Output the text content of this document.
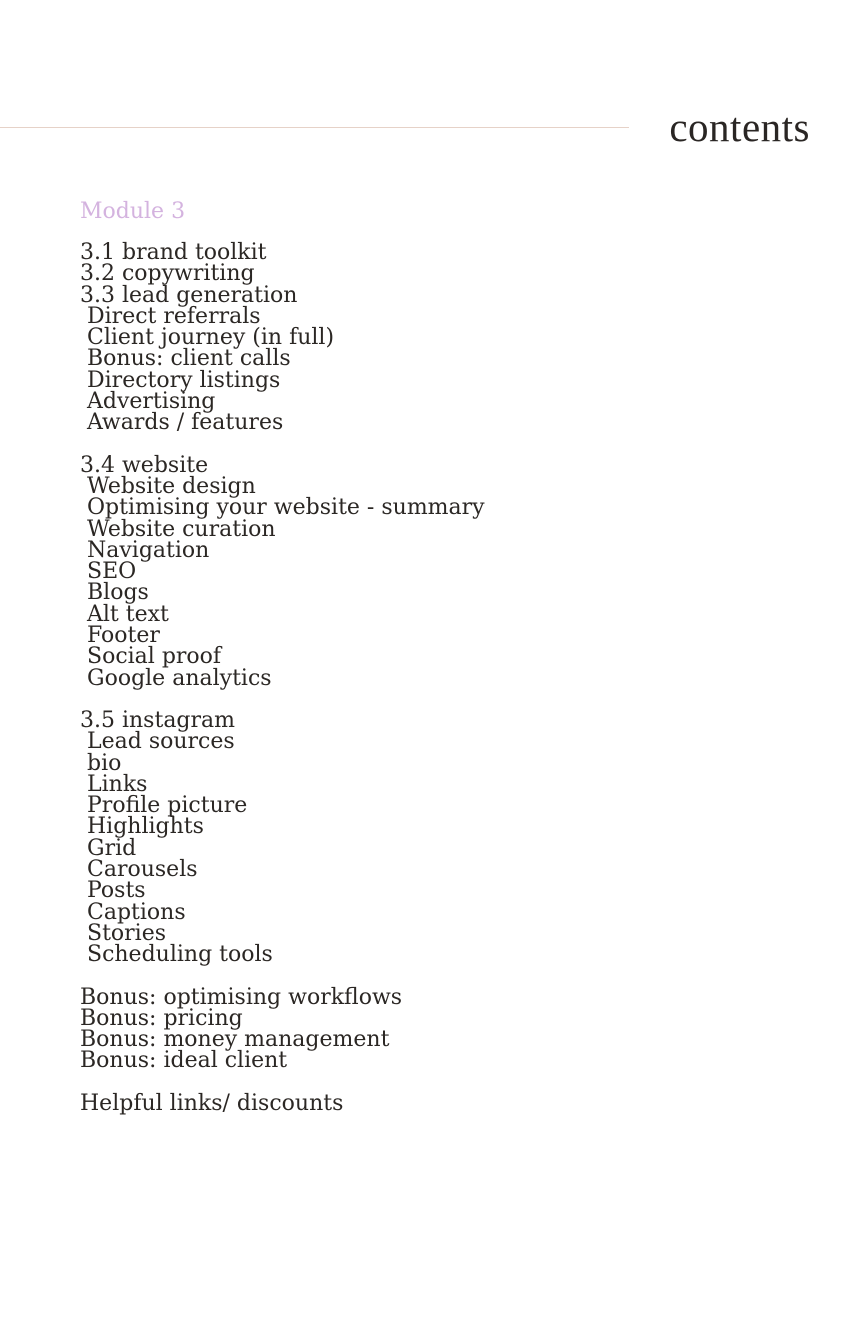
contents
Module 3
3.1 brand toolkit
3.2 copywriting
3.3 lead generation
Direct referrals
Client journey (in full)
Bonus: client calls
Directory listings
Advertising
Awards / features
3.4 website
Website design
Optimising your website - summary
Website curation
Navigation
SEO
Blogs
Alt text
Footer
Social proof
Google analytics
3.5 instagram
Lead sources
bio
Links
Profile picture
Highlights
Grid
Carousels
Posts
Captions
Stories
Scheduling tools
Bonus: optimising workflows
Bonus: pricing
Bonus: money management
Bonus: ideal client
Helpful links/ discounts
